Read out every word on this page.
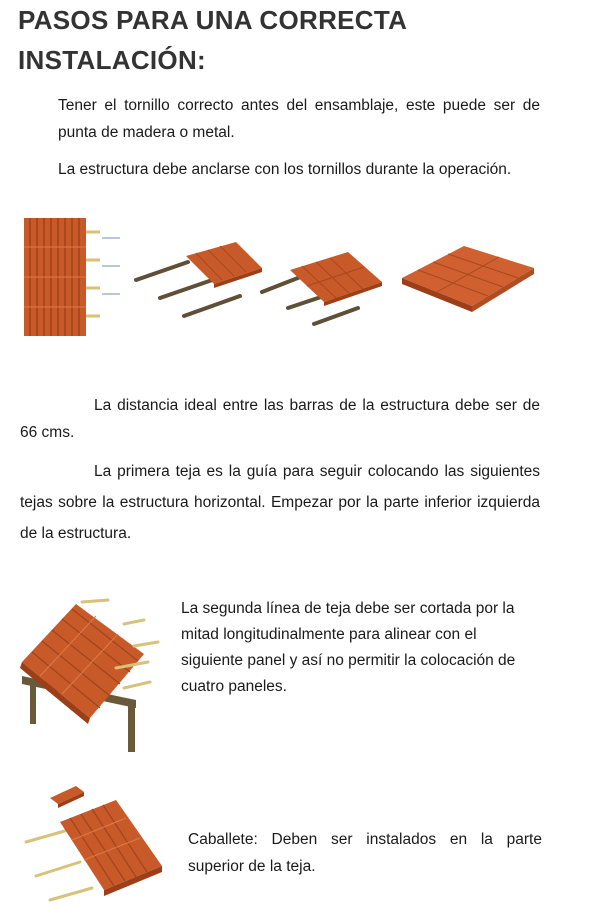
PASOS PARA UNA CORRECTA
INSTALACIÓN:

Tener el tornillo correcto antes del ensamblaje, este puede ser de punta de madera o metal.

La estructura debe anclarse con los tornillos durante la operación.

La distancia ideal entre las barras de la estructura debe ser de 66 cms.

La primera teja es la guía para seguir colocando las siguientes tejas sobre la estructura horizontal. Empezar por la parte inferior izquierda de la estructura.

La segunda línea de teja debe ser cortada por la mitad longitudinalmente para alinear con el siguiente panel y así no permitir la colocación de cuatro paneles.

Caballete: Deben ser instalados en la parte superior de la teja.
